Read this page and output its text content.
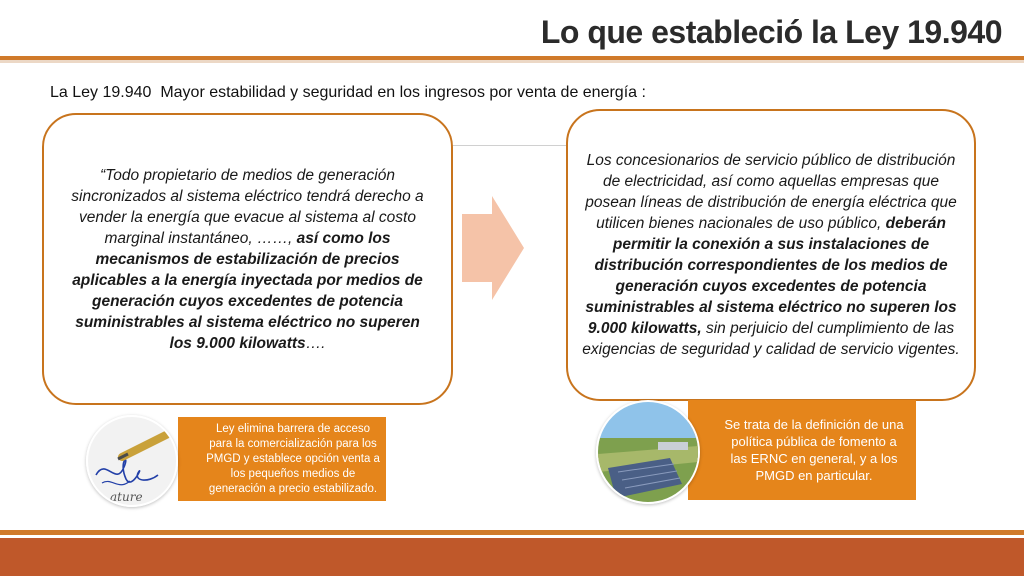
Lo que estableció la Ley 19.940
La Ley 19.940  Mayor estabilidad y seguridad en los ingresos por venta de energía :

“Todo propietario de medios de generación sincronizados al sistema eléctrico tendrá derecho a vender la energía que evacue al sistema al costo marginal instantáneo, ……, así como los mecanismos de estabilización de precios aplicables a la energía inyectada por medios de generación cuyos excedentes de potencia suministrables al sistema eléctrico no superen los 9.000 kilowatts….

Los concesionarios de servicio público de distribución de electricidad, así como aquellas empresas que posean líneas de distribución de energía eléctrica que utilicen bienes nacionales de uso público, deberán permitir la conexión a sus instalaciones de distribución correspondientes de los medios de generación cuyos excedentes de potencia suministrables al sistema eléctrico no superen los 9.000 kilowatts, sin perjuicio del cumplimiento de las exigencias de seguridad y calidad de servicio vigentes.

Ley elimina barrera de acceso para la comercialización para los PMGD y establece opción venta a los pequeños medios de generación a precio estabilizado.
ature
Se trata de la definición de una política pública de fomento a las ERNC en general, y a los PMGD en particular.
